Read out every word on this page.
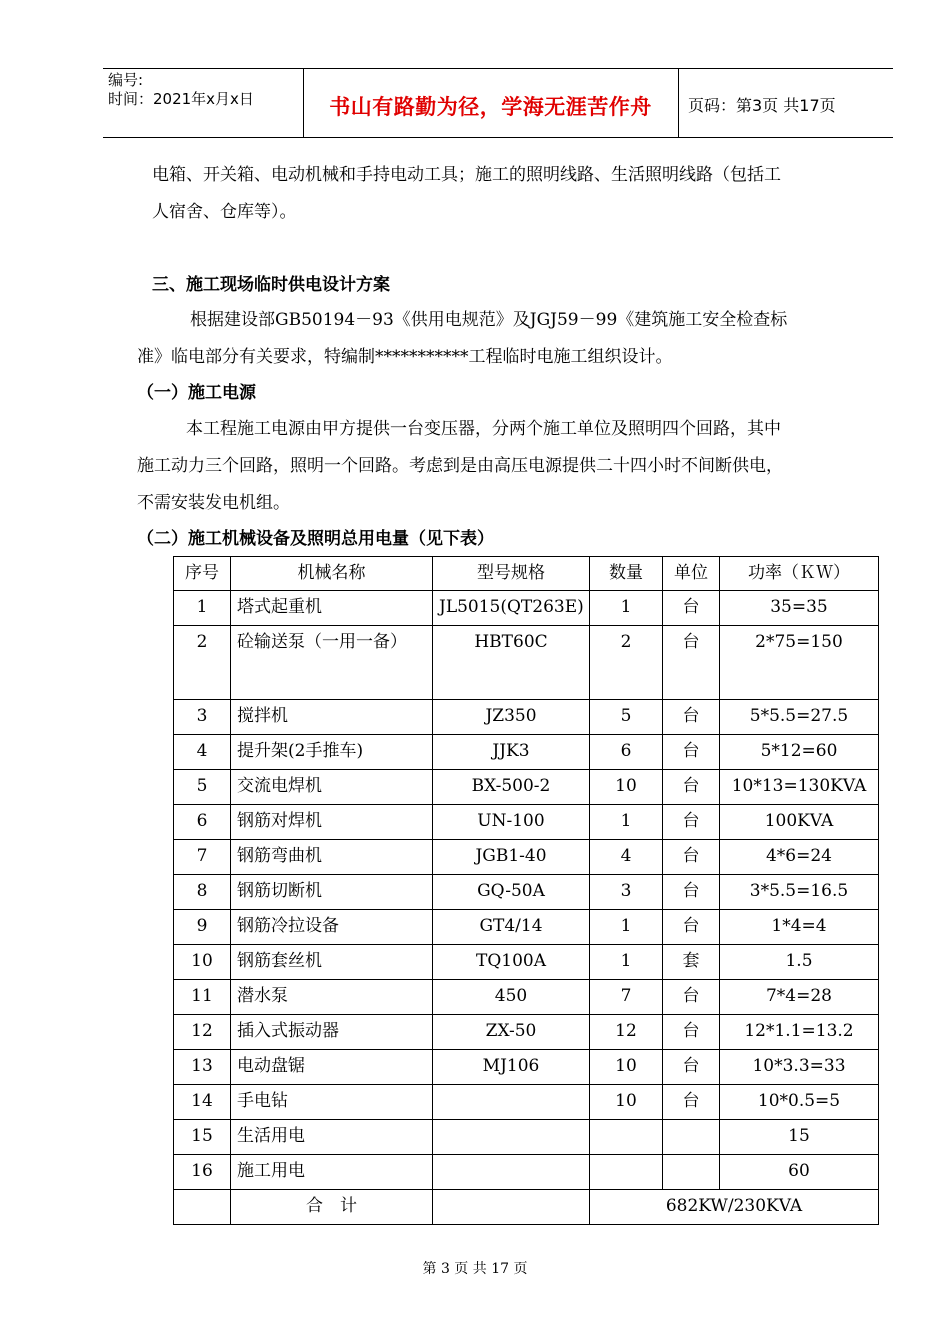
编号:
时间：2021年x月x日	书山有路勤为径，学海无涯苦作舟	页码：第3页 共17页
电箱、开关箱、电动机械和手持电动工具；施工的照明线路、生活照明线路（包括工
人宿舍、仓库等）。
三、施工现场临时供电设计方案
根据建设部GB50194－93《供用电规范》及JGJ59－99《建筑施工安全检查标
准》临电部分有关要求，特编制***********工程临时电施工组织设计。
（一）施工电源
本工程施工电源由甲方提供一台变压器，分两个施工单位及照明四个回路，其中
施工动力三个回路，照明一个回路。考虑到是由高压电源提供二十四小时不间断供电，
不需安装发电机组。
（二）施工机械设备及照明总用电量（见下表）
序号	机械名称	型号规格	数量	单位	功率（ＫＷ）
1	塔式起重机	JL5015(QT263E)	1	台	35=35
2	砼输送泵（一用一备）	HBT60C	2	台	2*75=150
3	搅拌机	JZ350	5	台	5*5.5=27.5
4	提升架(2手推车)	JJK3	6	台	5*12=60
5	交流电焊机	BX-500-2	10	台	10*13=130KVA
6	钢筋对焊机	UN-100	1	台	100KVA
7	钢筋弯曲机	JGB1-40	4	台	4*6=24
8	钢筋切断机	GQ-50A	3	台	3*5.5=16.5
9	钢筋冷拉设备	GT4/14	1	台	1*4=4
10	钢筋套丝机	TQ100A	1	套	1.5
11	潜水泵	450	7	台	7*4=28
12	插入式振动器	ZX-50	12	台	12*1.1=13.2
13	电动盘锯	MJ106	10	台	10*3.3=33
14	手电钻		10	台	10*0.5=5
15	生活用电				15
16	施工用电				60
	合　计		682KW/230KVA		
第 3 页 共 17 页
